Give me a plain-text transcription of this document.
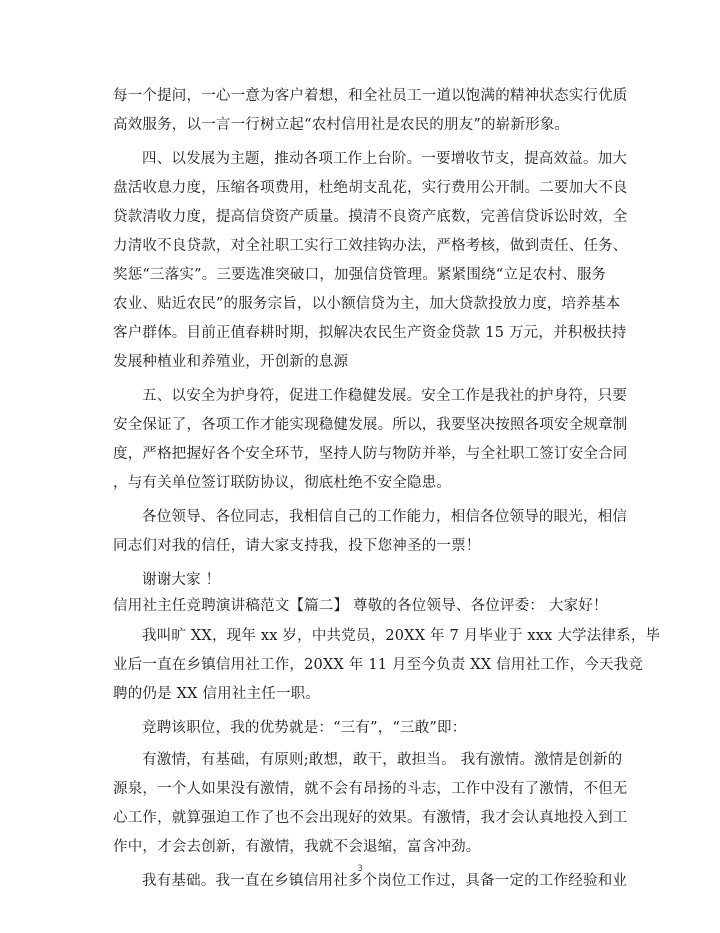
每一个提问，一心一意为客户着想，和全社员工一道以饱满的精神状态实行优质
高效服务，以一言一行树立起“农村信用社是农民的朋友”的崭新形象。
四、以发展为主题，推动各项工作上台阶。一要增收节支，提高效益。加大
盘活收息力度，压缩各项费用，杜绝胡支乱花，实行费用公开制。二要加大不良
贷款清收力度，提高信贷资产质量。摸清不良资产底数，完善信贷诉讼时效，全
力清收不良贷款，对全社职工实行工效挂钩办法，严格考核，做到责任、任务、
奖惩“三落实”。三要选准突破口，加强信贷管理。紧紧围绕“立足农村、服务
农业、贴近农民”的服务宗旨，以小额信贷为主，加大贷款投放力度，培养基本
客户群体。目前正值春耕时期，拟解决农民生产资金贷款 15 万元，并积极扶持
发展种植业和养殖业，开创新的息源
五、以安全为护身符，促进工作稳健发展。安全工作是我社的护身符，只要
安全保证了，各项工作才能实现稳健发展。所以，我要坚决按照各项安全规章制
度，严格把握好各个安全环节，坚持人防与物防并举，与全社职工签订安全合同
，与有关单位签订联防协议，彻底杜绝不安全隐患。
各位领导、各位同志，我相信自己的工作能力，相信各位领导的眼光，相信
同志们对我的信任，请大家支持我，投下您神圣的一票！
谢谢大家 ！
信用社主任竞聘演讲稿范文【篇二】 尊敬的各位领导、各位评委： 大家好！
我叫旷 XX，现年 xx 岁，中共党员，20XX 年 7 月毕业于 xxx 大学法律系，毕
业后一直在乡镇信用社工作，20XX 年 11 月至今负责 XX 信用社工作，今天我竞
聘的仍是 XX 信用社主任一职。
竞聘该职位，我的优势就是：“三有”，“三敢”即：
有激情，有基础，有原则;敢想，敢干，敢担当。 我有激情。激情是创新的
源泉，一个人如果没有激情，就不会有昂扬的斗志，工作中没有了激情，不但无
心工作，就算强迫工作了也不会出现好的效果。有激情，我才会认真地投入到工
作中，才会去创新，有激情，我就不会退缩，富含冲劲。
我有基础。我一直在乡镇信用社多个岗位工作过，具备一定的工作经验和业
3
